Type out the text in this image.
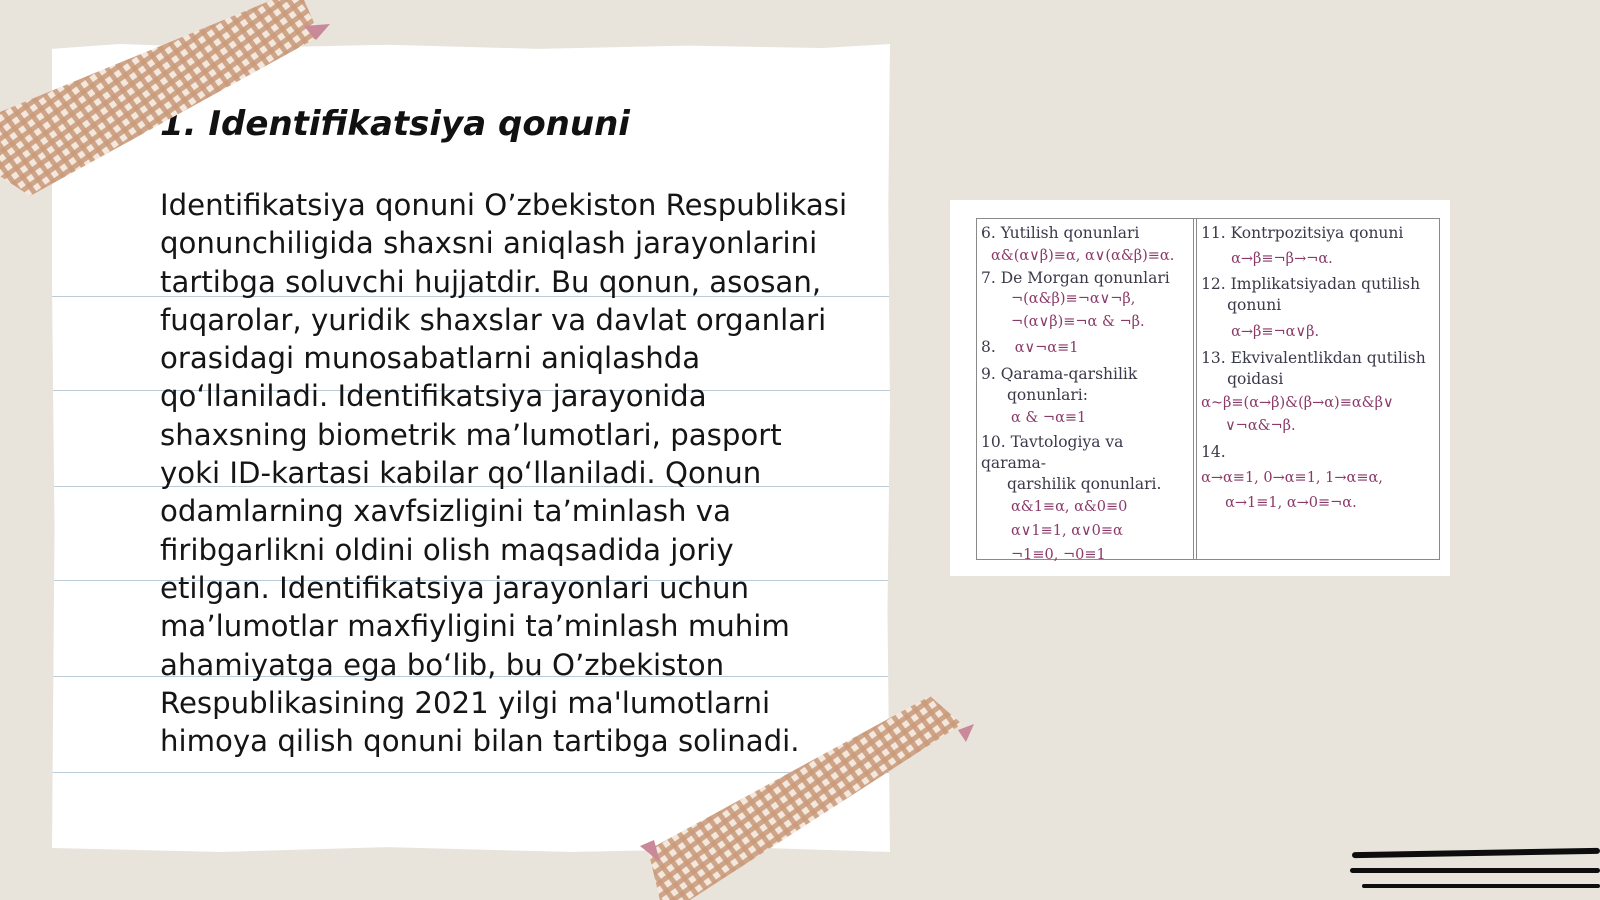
1. Identifikatsiya qonuni

Identifikatsiya qonuni O’zbekiston Respublikasi qonunchiligida shaxsni aniqlash jarayonlarini tartibga soluvchi hujjatdir. Bu qonun, asosan, fuqarolar, yuridik shaxslar va davlat organlari orasidagi munosabatlarni aniqlashda qo‘llaniladi. Identifikatsiya jarayonida shaxsning biometrik ma’lumotlari, pasport yoki ID-kartasi kabilar qo‘llaniladi. Qonun odamlarning xavfsizligini ta’minlash va firibgarlikni oldini olish maqsadida joriy etilgan. Identifikatsiya jarayonlari uchun ma’lumotlar maxfiyligini ta’minlash muhim ahamiyatga ega bo‘lib, bu O’zbekiston Respublikasining 2021 yilgi ma'lumotlarni himoya qilish qonuni bilan tartibga solinadi.

6. Yutilish qonunlari
α&(α∨β)≡α, α∨(α&β)≡α.
7. De Morgan qonunlari
¬(α&β)≡¬α∨¬β,
¬(α∨β)≡¬α & ¬β.
8. α∨¬α≡1
9. Qarama-qarshilik
qonunlari:
α & ¬α≡1
10. Tavtologiya va qarama-
qarshilik qonunlari.
α&1≡α, α&0≡0
α∨1≡1, α∨0≡α
¬1≡0, ¬0≡1
11. Kontrpozitsiya qonuni
α→β≡¬β→¬α.
12. Implikatsiyadan qutilish
qonuni
α→β≡¬α∨β.
13. Ekvivalentlikdan qutilish
qoidasi
α~β≡(α→β)&(β→α)≡α&β∨
∨¬α&¬β.
14.
α→α≡1, 0→α≡1, 1→α≡α,
α→1≡1, α→0≡¬α.
